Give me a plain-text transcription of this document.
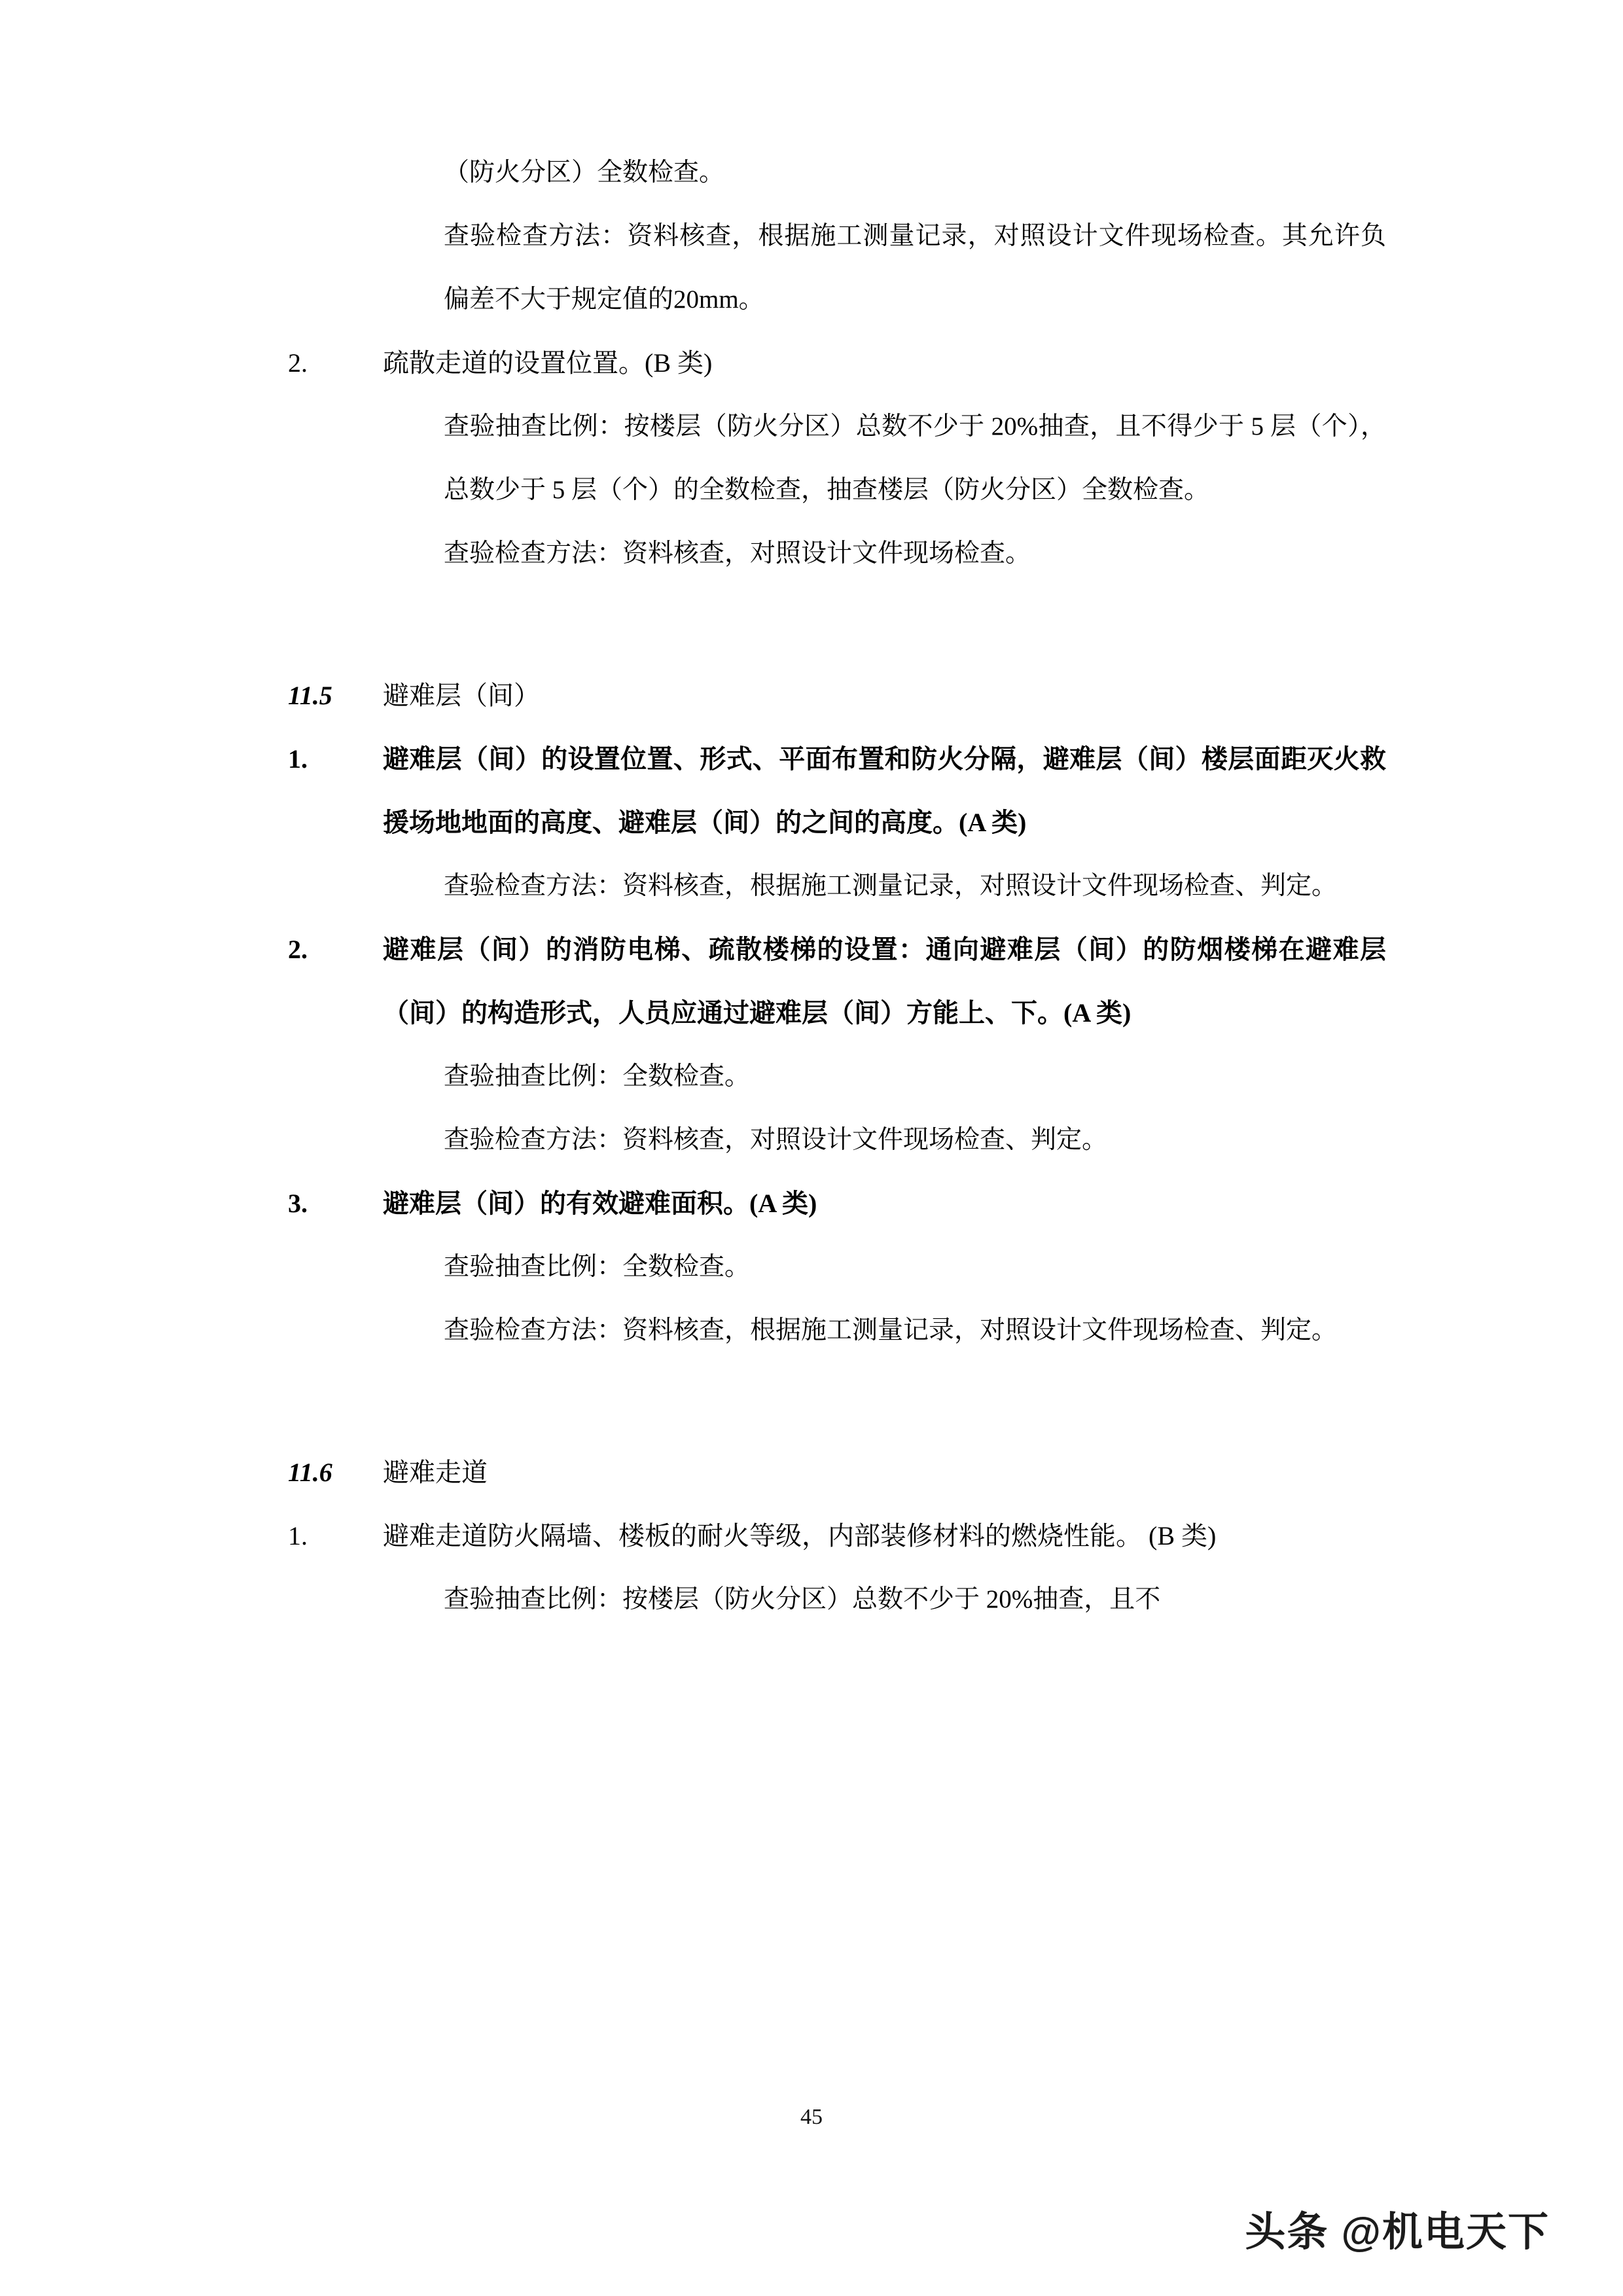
（防火分区）全数检查。
查验检查方法：资料核查，根据施工测量记录，对照设计文件现场检查。其允许负偏差不大于规定值的20mm。
2.	疏散走道的设置位置。(B 类)
查验抽查比例：按楼层（防火分区）总数不少于 20%抽查，且不得少于 5 层（个），总数少于 5 层（个）的全数检查，抽查楼层（防火分区）全数检查。
查验检查方法：资料核查，对照设计文件现场检查。
11.5	避难层（间）
1.	避难层（间）的设置位置、形式、平面布置和防火分隔，避难层（间）楼层面距灭火救援场地地面的高度、避难层（间）的之间的高度。(A 类)
查验检查方法：资料核查，根据施工测量记录，对照设计文件现场检查、判定。
2.	避难层（间）的消防电梯、疏散楼梯的设置：通向避难层（间）的防烟楼梯在避难层（间）的构造形式，人员应通过避难层（间）方能上、下。(A 类)
查验抽查比例：全数检查。
查验检查方法：资料核查，对照设计文件现场检查、判定。
3.	避难层（间）的有效避难面积。(A 类)
查验抽查比例：全数检查。
查验检查方法：资料核查，根据施工测量记录，对照设计文件现场检查、判定。
11.6	避难走道
1.	避难走道防火隔墙、楼板的耐火等级，内部装修材料的燃烧性能。 (B 类)
查验抽查比例：按楼层（防火分区）总数不少于 20%抽查，且不
45
头条 @机电天下
